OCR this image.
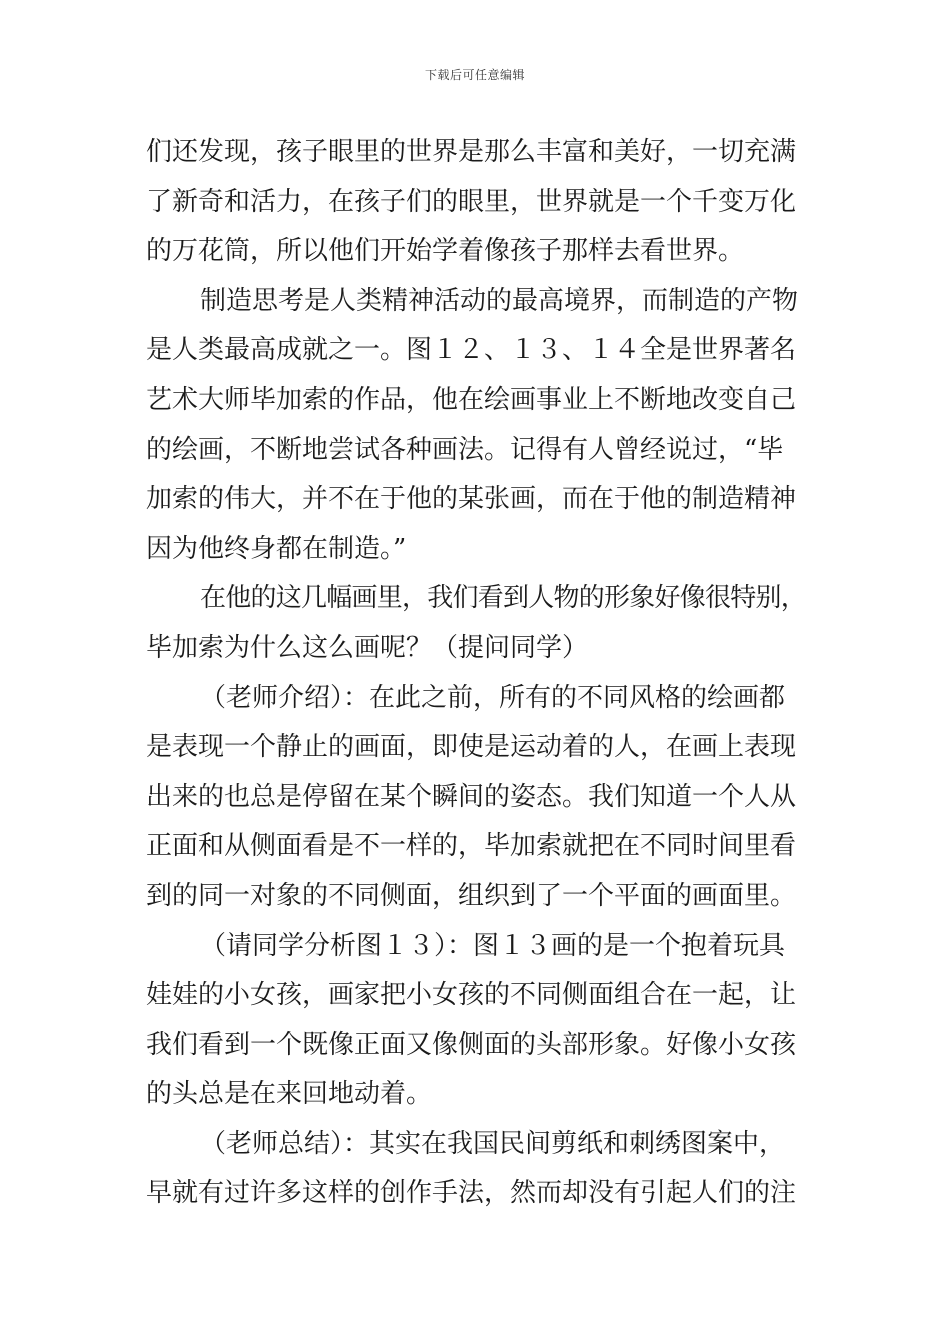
下载后可任意编辑
们还发现，孩子眼里的世界是那么丰富和美好，一切充满
了新奇和活力，在孩子们的眼里，世界就是一个千变万化
的万花筒，所以他们开始学着像孩子那样去看世界。
制造思考是人类精神活动的最高境界，而制造的产物
是人类最高成就之一。图１２、１３、１４全是世界著名
艺术大师毕加索的作品，他在绘画事业上不断地改变自己
的绘画，不断地尝试各种画法。记得有人曾经说过，“毕
加索的伟大，并不在于他的某张画，而在于他的制造精神
因为他终身都在制造。”
在他的这几幅画里，我们看到人物的形象好像很特别，
毕加索为什么这么画呢？（提问同学）
（老师介绍）：在此之前，所有的不同风格的绘画都
是表现一个静止的画面，即使是运动着的人，在画上表现
出来的也总是停留在某个瞬间的姿态。我们知道一个人从
正面和从侧面看是不一样的，毕加索就把在不同时间里看
到的同一对象的不同侧面，组织到了一个平面的画面里。
（请同学分析图１３）：图１３画的是一个抱着玩具
娃娃的小女孩，画家把小女孩的不同侧面组合在一起，让
我们看到一个既像正面又像侧面的头部形象。好像小女孩
的头总是在来回地动着。
（老师总结）：其实在我国民间剪纸和刺绣图案中，
早就有过许多这样的创作手法，然而却没有引起人们的注
